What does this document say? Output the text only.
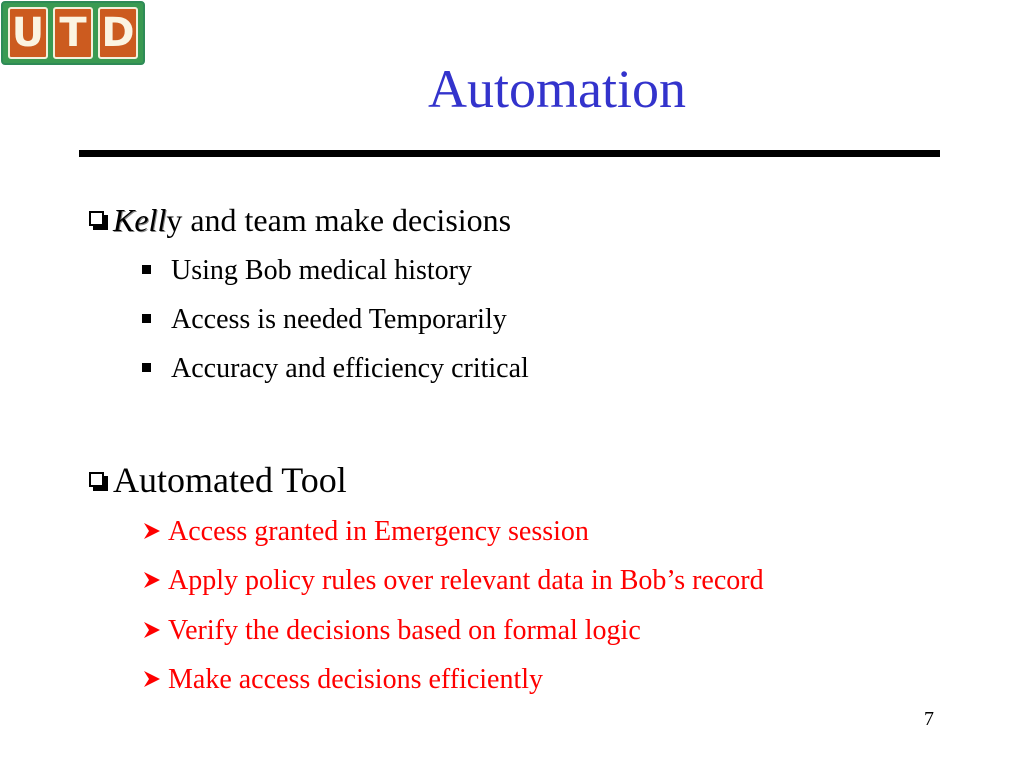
U T D
Automation
Kell y and team make decisions
Using Bob medical history
Access is needed Temporarily
Accuracy and efficiency critical
Automated Tool
Access granted in Emergency session
Apply policy rules over relevant data in Bob’s record
Verify the decisions based on formal logic
Make access decisions efficiently
7
